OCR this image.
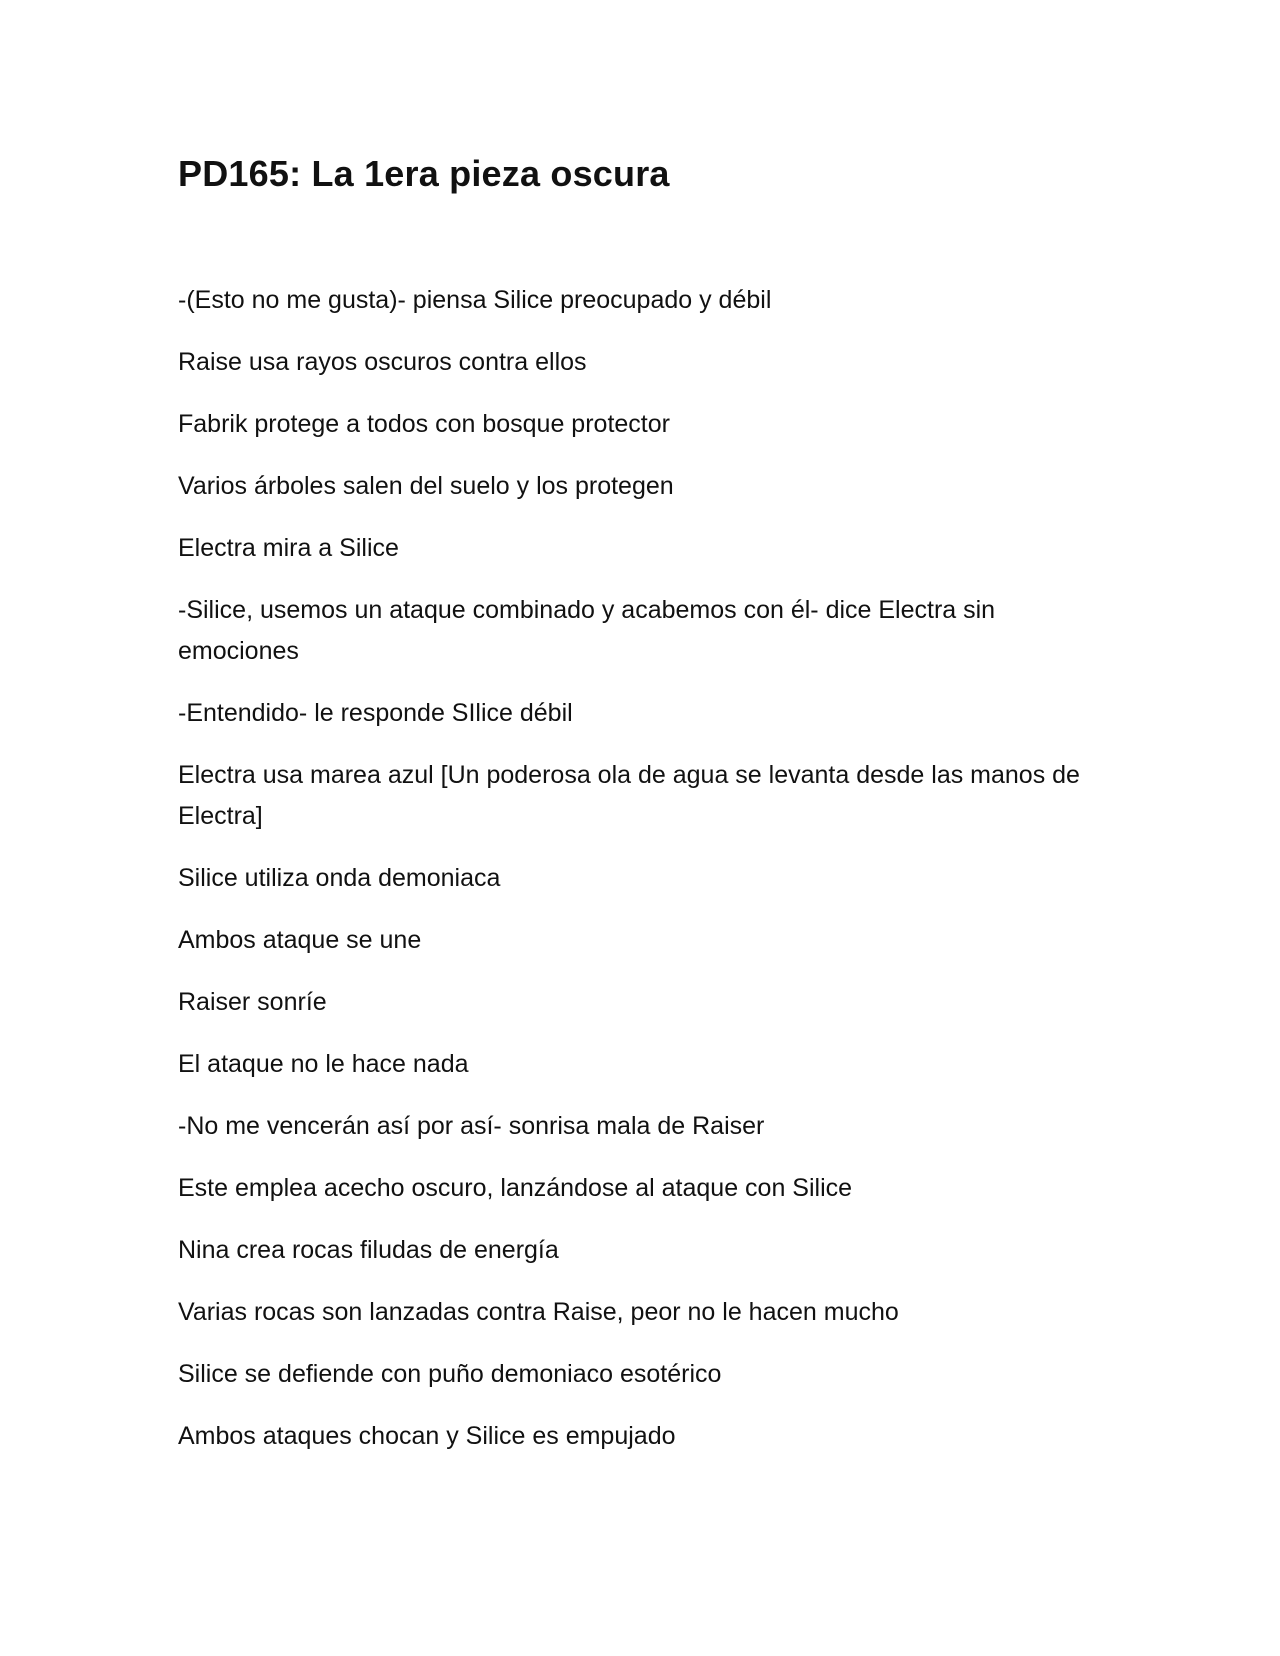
PD165: La 1era pieza oscura

-(Esto no me gusta)- piensa Silice preocupado y débil

Raise usa rayos oscuros contra ellos

Fabrik protege a todos con bosque protector

Varios árboles salen del suelo y los protegen

Electra mira a Silice

-Silice, usemos un ataque combinado y acabemos con él- dice Electra sin emociones

-Entendido- le responde SIlice débil

Electra usa marea azul [Un poderosa ola de agua se levanta desde las manos de Electra]

Silice utiliza onda demoniaca

Ambos ataque se une

Raiser sonríe

El ataque no le hace nada

-No me vencerán así por así- sonrisa mala de Raiser

Este emplea acecho oscuro, lanzándose al ataque con Silice

Nina crea rocas filudas de energía

Varias rocas son lanzadas contra Raise, peor no le hacen mucho

Silice se defiende con puño demoniaco esotérico

Ambos ataques chocan y Silice es empujado
